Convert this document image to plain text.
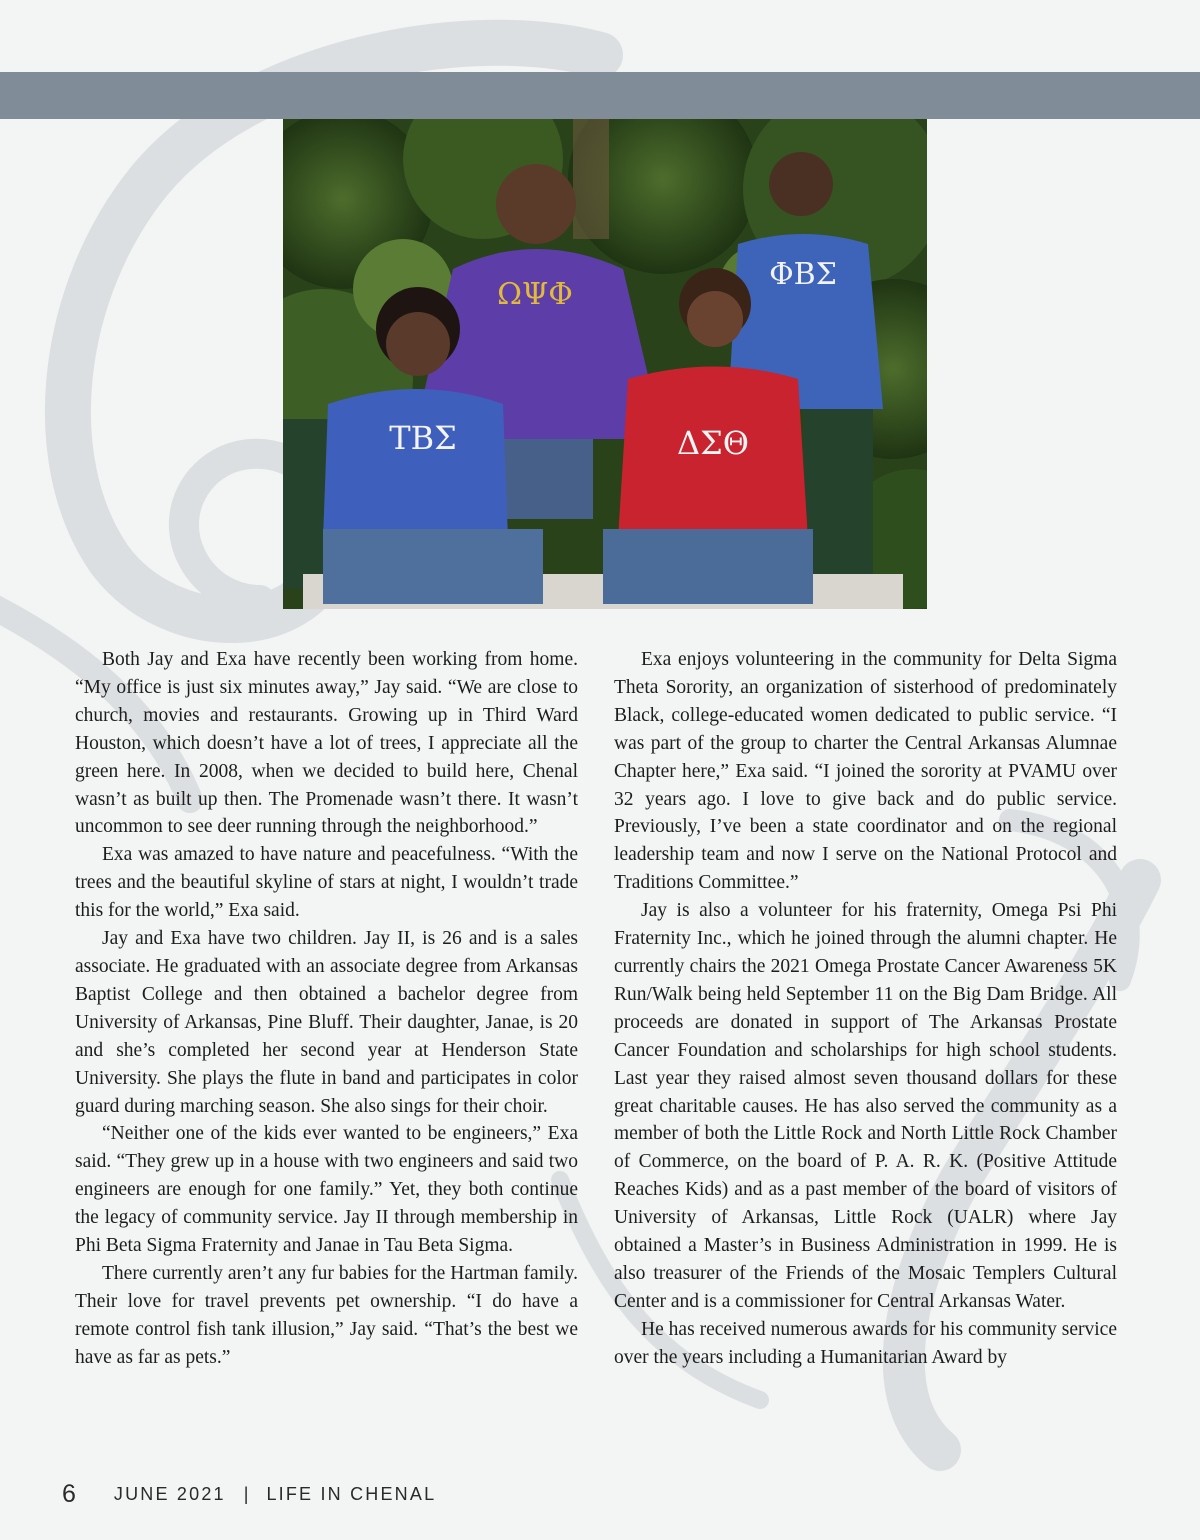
ΩΨΦ
ΦΒΣ
ΤΒΣ	ΔΣΘ

Both Jay and Exa have recently been working from home. “My office is just six minutes away,” Jay said. “We are close to church, movies and restaurants. Growing up in Third Ward Houston, which doesn’t have a lot of trees, I appreciate all the green here. In 2008, when we decided to build here, Chenal wasn’t as built up then. The Promenade wasn’t there. It wasn’t uncommon to see deer running through the neighborhood.”

Exa was amazed to have nature and peacefulness. “With the trees and the beautiful skyline of stars at night, I wouldn’t trade this for the world,” Exa said.

Jay and Exa have two children. Jay II, is 26 and is a sales associate. He graduated with an associate degree from Arkansas Baptist College and then obtained a bachelor degree from University of Arkansas, Pine Bluff. Their daughter, Janae, is 20 and she’s completed her second year at Henderson State University. She plays the flute in band and participates in color guard during marching season. She also sings for their choir.

“Neither one of the kids ever wanted to be engineers,” Exa said. “They grew up in a house with two engineers and said two engineers are enough for one family.” Yet, they both continue the legacy of community service. Jay II through membership in Phi Beta Sigma Fraternity and Janae in Tau Beta Sigma.

There currently aren’t any fur babies for the Hartman family. Their love for travel prevents pet ownership. “I do have a remote control fish tank illusion,” Jay said. “That’s the best we have as far as pets.”

Exa enjoys volunteering in the community for Delta Sigma Theta Sorority, an organization of sisterhood of predominately Black, college-educated women dedicated to public service. “I was part of the group to charter the Central Arkansas Alumnae Chapter here,” Exa said. “I joined the sorority at PVAMU over 32 years ago. I love to give back and do public service. Previously, I’ve been a state coordinator and on the regional leadership team and now I serve on the National Protocol and Traditions Committee.”

Jay is also a volunteer for his fraternity, Omega Psi Phi Fraternity Inc., which he joined through the alumni chapter. He currently chairs the 2021 Omega Prostate Cancer Awareness 5K Run/Walk being held September 11 on the Big Dam Bridge. All proceeds are donated in support of The Arkansas Prostate Cancer Foundation and scholarships for high school students. Last year they raised almost seven thousand dollars for these great charitable causes. He has also served the community as a member of both the Little Rock and North Little Rock Chamber of Commerce, on the board of P. A. R. K. (Positive Attitude Reaches Kids) and as a past member of the board of visitors of University of Arkansas, Little Rock (UALR) where Jay obtained a Master’s in Business Administration in 1999. He is also treasurer of the Friends of the Mosaic Templers Cultural Center and is a commissioner for Central Arkansas Water.

He has received numerous awards for his community service over the years including a Humanitarian Award by

6 JUNE 2021 | LIFE IN CHENAL
